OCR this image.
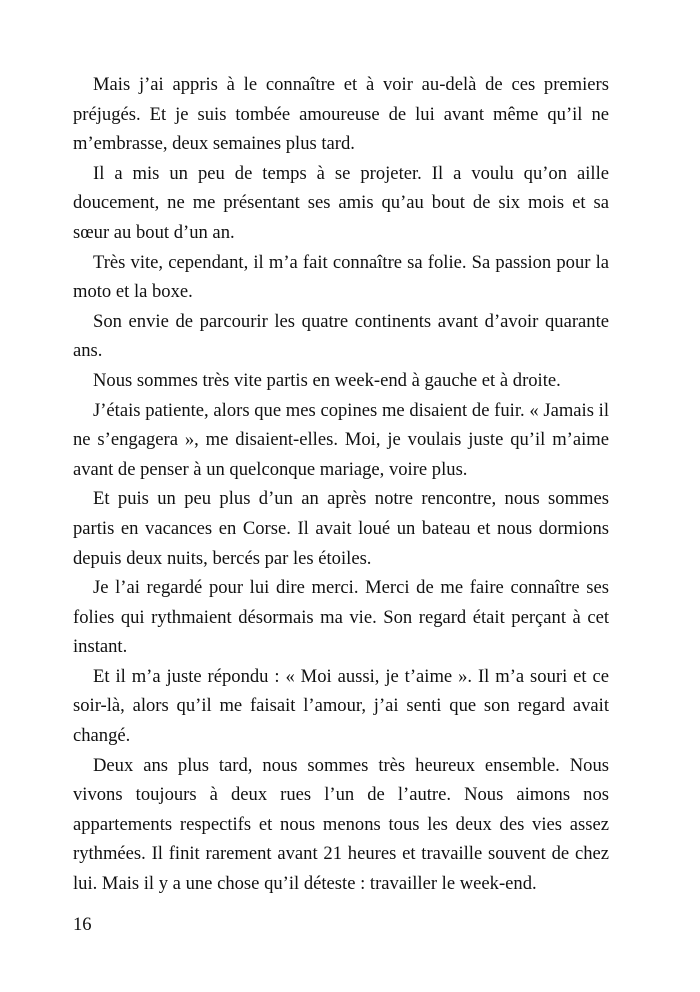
Mais j’ai appris à le connaître et à voir au-delà de ces premiers préjugés. Et je suis tombée amoureuse de lui avant même qu’il ne m’embrasse, deux semaines plus tard.

Il a mis un peu de temps à se projeter. Il a voulu qu’on aille doucement, ne me présentant ses amis qu’au bout de six mois et sa sœur au bout d’un an.

Très vite, cependant, il m’a fait connaître sa folie. Sa passion pour la moto et la boxe.

Son envie de parcourir les quatre continents avant d’avoir quarante ans.

Nous sommes très vite partis en week-end à gauche et à droite.

J’étais patiente, alors que mes copines me disaient de fuir. « Jamais il ne s’engagera », me disaient-elles. Moi, je voulais juste qu’il m’aime avant de penser à un quelconque mariage, voire plus.

Et puis un peu plus d’un an après notre rencontre, nous sommes partis en vacances en Corse. Il avait loué un bateau et nous dormions depuis deux nuits, bercés par les étoiles.

Je l’ai regardé pour lui dire merci. Merci de me faire connaître ses folies qui rythmaient désormais ma vie. Son regard était perçant à cet instant.

Et il m’a juste répondu : « Moi aussi, je t’aime ». Il m’a souri et ce soir-là, alors qu’il me faisait l’amour, j’ai senti que son regard avait changé.

Deux ans plus tard, nous sommes très heureux ensemble. Nous vivons toujours à deux rues l’un de l’autre. Nous aimons nos appartements respectifs et nous menons tous les deux des vies assez rythmées. Il finit rarement avant 21 heures et travaille souvent de chez lui. Mais il y a une chose qu’il déteste : travailler le week-end.

16
